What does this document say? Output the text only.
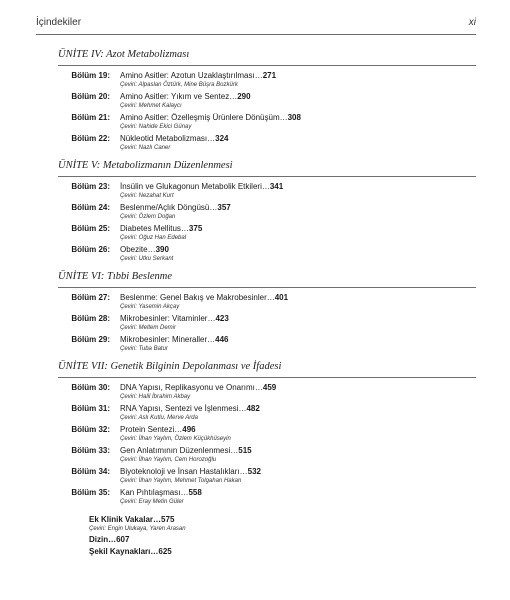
İçindekiler	xi
ÜNİTE IV: Azot Metabolizması
Bölüm 19:	Amino Asitler: Azotun Uzaklaştırılması…271
Çeviri: Alpaslan Öztürk, Mine Büşra Bozkürk
Bölüm 20:	Amino Asitler: Yıkım ve Sentez…290
Çeviri: Mehmet Kalaycı
Bölüm 21:	Amino Asitler: Özelleşmiş Ürünlere Dönüşüm…308
Çeviri: Nahide Ekici Günay
Bölüm 22:	Nükleotid Metabolizması…324
Çeviri: Nazlı Caner
ÜNİTE V: Metabolizmanın Düzenlenmesi
Bölüm 23:	İnsülin ve Glukagonun Metabolik Etkileri…341
Çeviri: Nezahat Kurt
Bölüm 24:	Beslenme/Açlık Döngüsü…357
Çeviri: Özlem Doğan
Bölüm 25:	Diabetes Mellitus…375
Çeviri: Oğuz Han Edebal
Bölüm 26:	Obezite…390
Çeviri: Utku Serkant
ÜNİTE VI: Tıbbi Beslenme
Bölüm 27:	Beslenme: Genel Bakış ve Makrobesinler…401
Çeviri: Yasemin Akçay
Bölüm 28:	Mikrobesinler: Vitaminler…423
Çeviri: Meltem Demir
Bölüm 29:	Mikrobesinler: Mineraller…446
Çeviri: Tuba Batur
ÜNİTE VII: Genetik Bilginin Depolanması ve İfadesi
Bölüm 30:	DNA Yapısı, Replikasyonu ve Onarımı…459
Çeviri: Halil İbrahim Akbay
Bölüm 31:	RNA Yapısı, Sentezi ve İşlenmesi…482
Çeviri: Aslı Kutlu, Merve Arda
Bölüm 32:	Protein Sentezi…496
Çeviri: İlhan Yaylım, Özlem Küçükhüseyin
Bölüm 33:	Gen Anlatımının Düzenlenmesi…515
Çeviri: İlhan Yaylım, Cem Horozoğlu
Bölüm 34:	Biyoteknoloji ve İnsan Hastalıkları…532
Çeviri: İlhan Yaylım, Mehmet Tolgahan Hakan
Bölüm 35:	Kan Pıhtılaşması…558
Çeviri: Eray Metin Güler
Ek Klinik Vakalar…575
Çeviri: Engin Ulukaya, Yaren Arasan
Dizin…607
Şekil Kaynakları…625
